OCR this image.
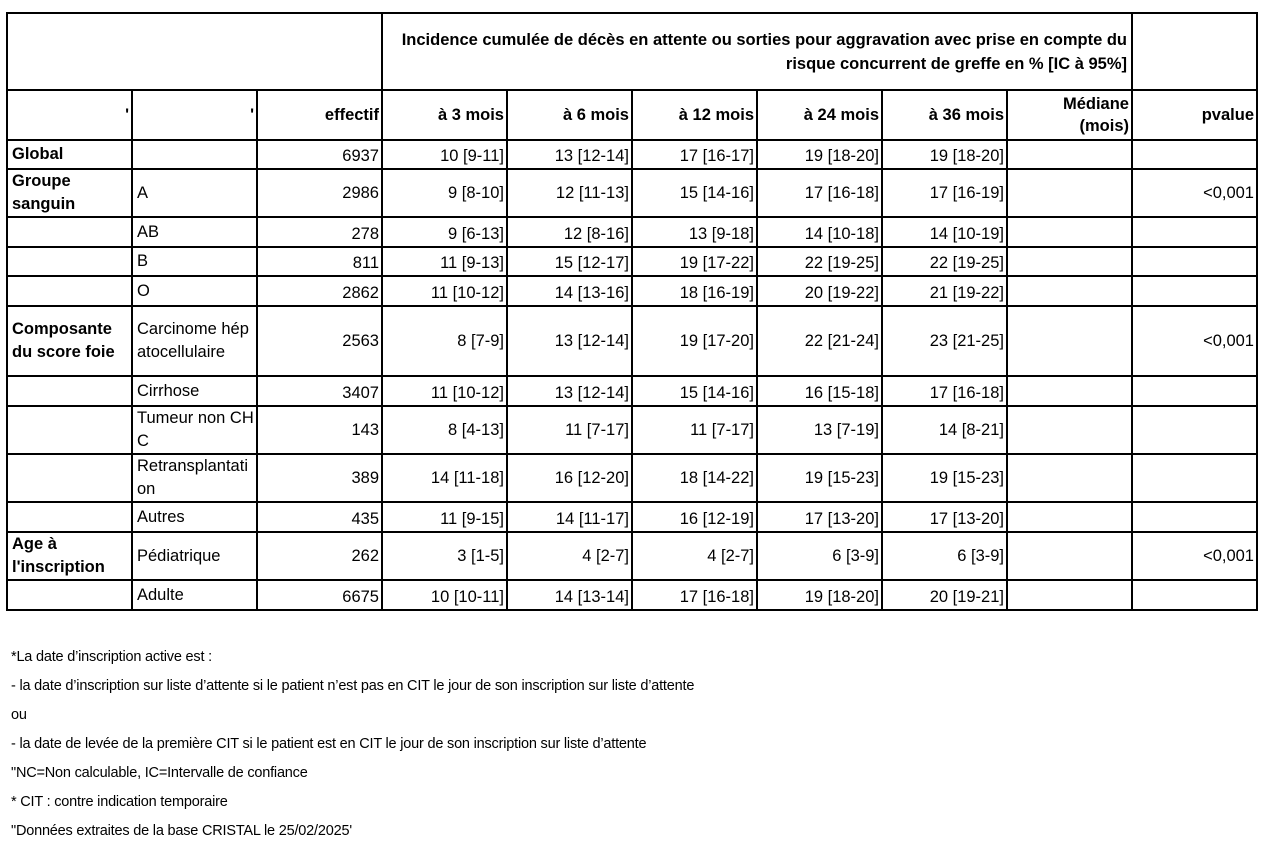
			Incidence cumulée de décès en attente ou sorties pour aggravation avec prise en compte du risque concurrent de greffe en % [IC à 95%]						
'	'	effectif	à 3 mois	à 6 mois	à 12 mois	à 24 mois	à 36 mois	Médiane (mois)	pvalue
Global		6937	10 [9-11]	13 [12-14]	17 [16-17]	19 [18-20]	19 [18-20]		
Groupe sanguin	A	2986	9 [8-10]	12 [11-13]	15 [14-16]	17 [16-18]	17 [16-19]		<0,001
	AB	278	9 [6-13]	12 [8-16]	13 [9-18]	14 [10-18]	14 [10-19]		
	B	811	11 [9-13]	15 [12-17]	19 [17-22]	22 [19-25]	22 [19-25]		
	O	2862	11 [10-12]	14 [13-16]	18 [16-19]	20 [19-22]	21 [19-22]		
Composante du score foie	Carcinome hépatocellulaire	2563	8 [7-9]	13 [12-14]	19 [17-20]	22 [21-24]	23 [21-25]		<0,001
	Cirrhose	3407	11 [10-12]	13 [12-14]	15 [14-16]	16 [15-18]	17 [16-18]		
	Tumeur non CHC	143	8 [4-13]	11 [7-17]	11 [7-17]	13 [7-19]	14 [8-21]		
	Retransplantation	389	14 [11-18]	16 [12-20]	18 [14-22]	19 [15-23]	19 [15-23]		
	Autres	435	11 [9-15]	14 [11-17]	16 [12-19]	17 [13-20]	17 [13-20]		
Age à l'inscription	Pédiatrique	262	3 [1-5]	4 [2-7]	4 [2-7]	6 [3-9]	6 [3-9]		<0,001
	Adulte	6675	10 [10-11]	14 [13-14]	17 [16-18]	19 [18-20]	20 [19-21]		
*La date d’inscription active est :
- la date d’inscription sur liste d’attente si le patient n’est pas en CIT le jour de son inscription sur liste d’attente
ou
- la date de levée de la première CIT si le patient est en CIT le jour de son inscription sur liste d’attente
"NC=Non calculable, IC=Intervalle de confiance
* CIT : contre indication temporaire
"Données extraites de la base CRISTAL le 25/02/2025'
